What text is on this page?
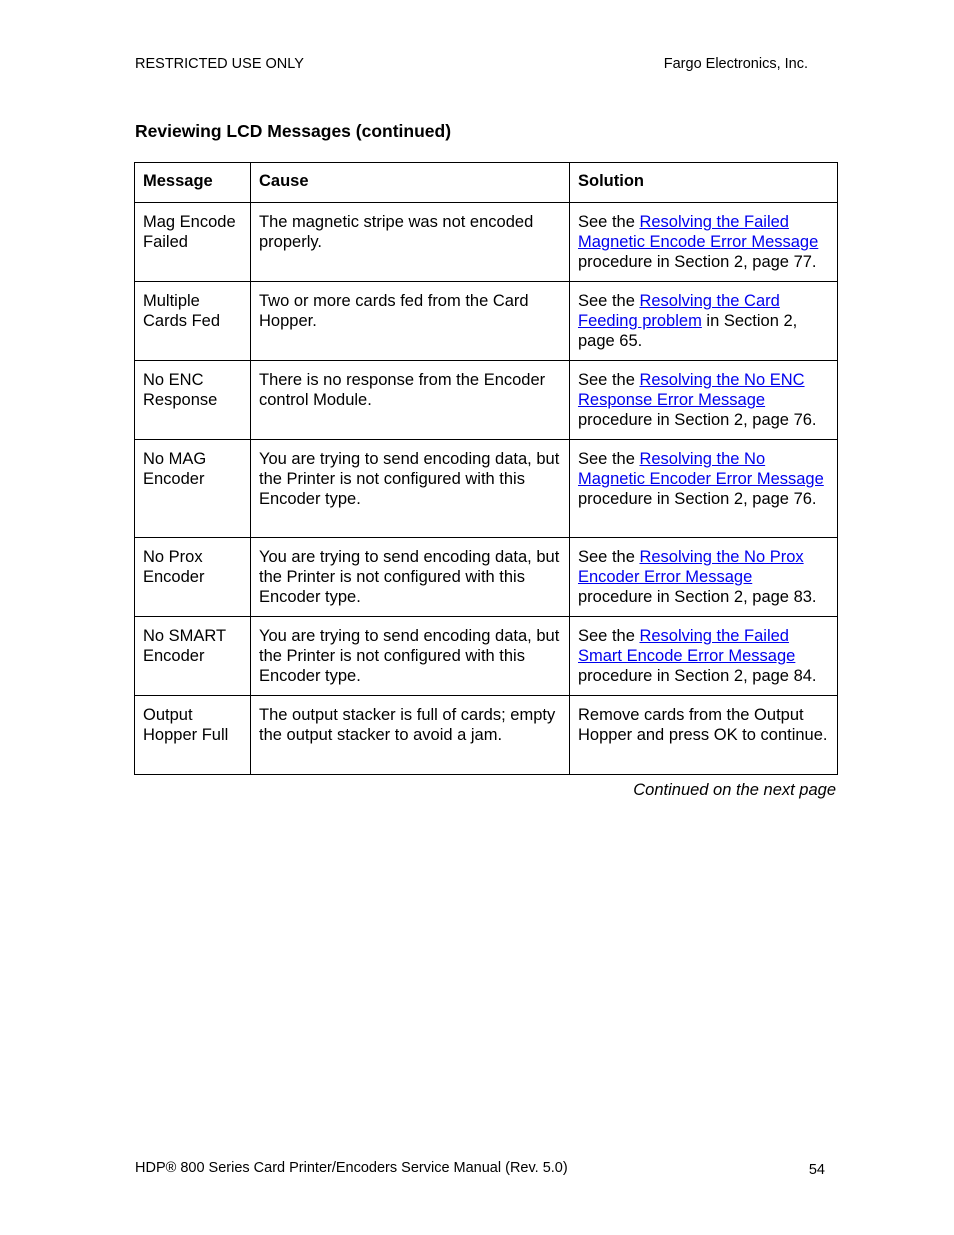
RESTRICTED USE ONLY	Fargo Electronics, Inc.
Reviewing LCD Messages (continued)
Message	Cause	Solution
Mag Encode Failed	The magnetic stripe was not encoded properly.	See the Resolving the Failed Magnetic Encode Error Message procedure in Section 2, page 77.
Multiple Cards Fed	Two or more cards fed from the Card Hopper.	See the Resolving the Card Feeding problem in Section 2, page 65.
No ENC Response	There is no response from the Encoder control Module.	See the Resolving the No ENC Response Error Message procedure in Section 2, page 76.
No MAG Encoder	You are trying to send encoding data, but the Printer is not configured with this Encoder type.	See the Resolving the No Magnetic Encoder Error Message procedure in Section 2, page 76.
No Prox Encoder	You are trying to send encoding data, but the Printer is not configured with this Encoder type.	See the Resolving the No Prox Encoder Error Message procedure in Section 2, page 83.
No SMART Encoder	You are trying to send encoding data, but the Printer is not configured with this Encoder type.	See the Resolving the Failed Smart Encode Error Message procedure in Section 2, page 84.
Output Hopper Full	The output stacker is full of cards; empty the output stacker to avoid a jam.	Remove cards from the Output Hopper and press OK to continue.
Continued on the next page
HDP® 800 Series Card Printer/Encoders Service Manual (Rev. 5.0)	54
